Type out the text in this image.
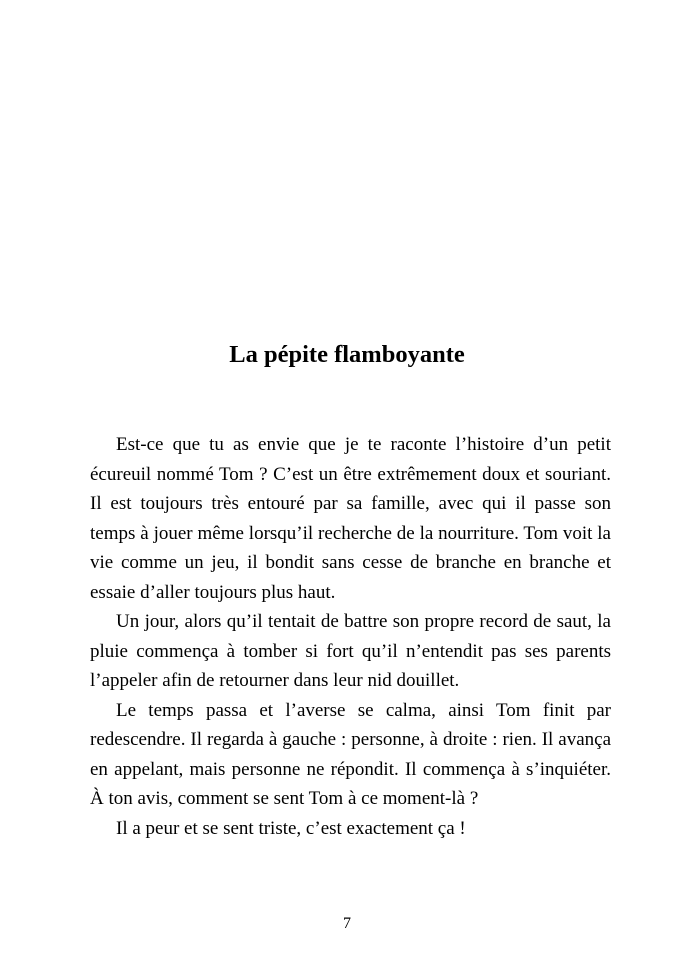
La pépite flamboyante

Est-ce que tu as envie que je te raconte l’histoire d’un petit écureuil nommé Tom ? C’est un être extrêmement doux et souriant. Il est toujours très entouré par sa famille, avec qui il passe son temps à jouer même lorsqu’il recherche de la nourriture. Tom voit la vie comme un jeu, il bondit sans cesse de branche en branche et essaie d’aller toujours plus haut.

Un jour, alors qu’il tentait de battre son propre record de saut, la pluie commença à tomber si fort qu’il n’entendit pas ses parents l’appeler afin de retourner dans leur nid douillet.

Le temps passa et l’averse se calma, ainsi Tom finit par redescendre. Il regarda à gauche : personne, à droite : rien. Il avança en appelant, mais personne ne répondit. Il commença à s’inquiéter. À ton avis, comment se sent Tom à ce moment-là ?

Il a peur et se sent triste, c’est exactement ça !

7
